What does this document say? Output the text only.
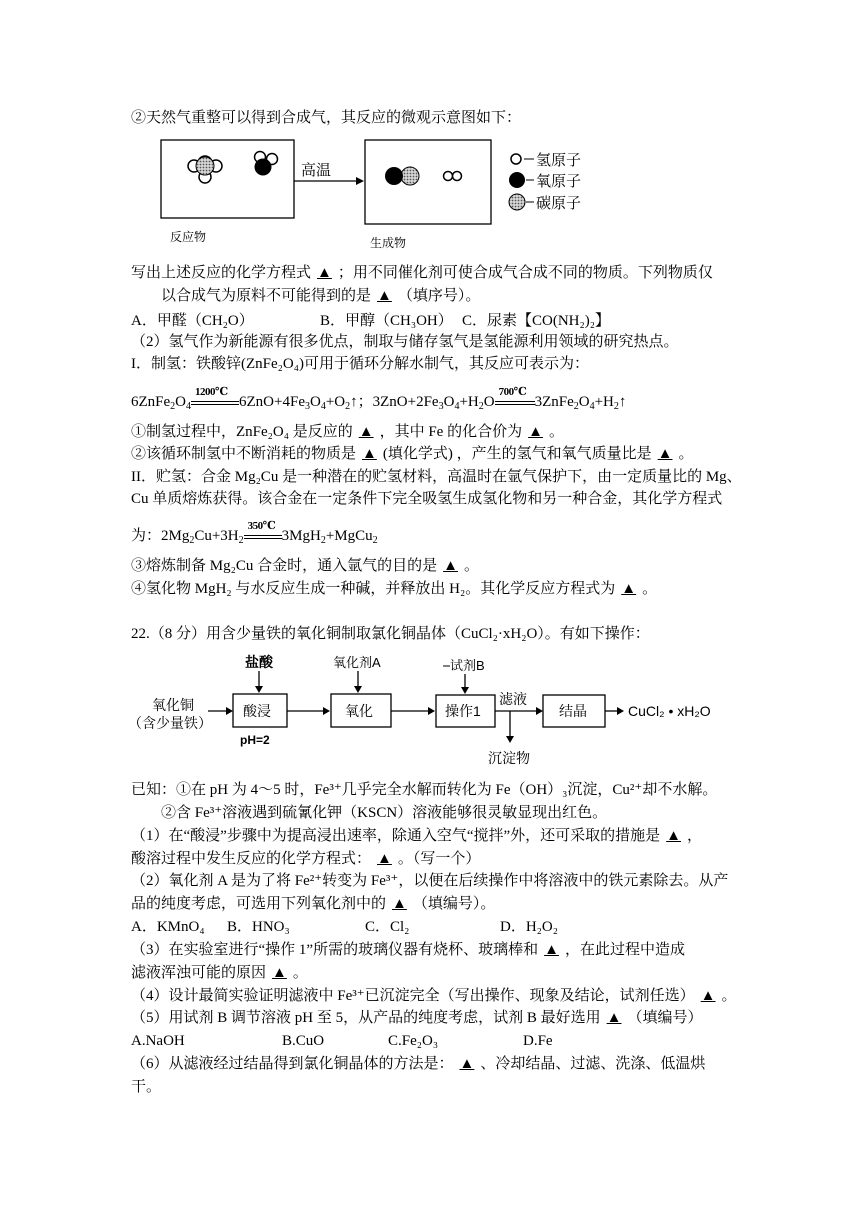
②天然气重整可以得到合成气，其反应的微观示意图如下：
高温
氢原子
氧原子
碳原子
反应物	生成物
写出上述反应的化学方程式 ▲ ；用不同催化剂可使合成气合成不同的物质。下列物质仅
以合成气为原料不可能得到的是 ▲ （填序号）。
A．甲醛（CH₂O）	B．甲醇（CH₃OH） C．尿素【CO(NH₂)₂】
（2）氢气作为新能源有很多优点，制取与储存氢气是氢能源利用领域的研究热点。
I．制氢：铁酸锌(ZnFe₂O₄)可用于循环分解水制气，其反应可表示为：
$6ZnFe_2O_4$
1200℃
$6ZnO+4Fe_3O_4+O_2↑$；$3ZnO+2Fe_3O_4+H_2O$
700℃
$3ZnFe_2O_4+H_2↑$
①制氢过程中，ZnFe₂O₄ 是反应的 ▲ ，其中 Fe 的化合价为 ▲ 。
②该循环制氢中不断消耗的物质是 ▲ (填化学式) ，产生的氢气和氧气质量比是 ▲ 。
II．贮氢：合金 Mg₂Cu 是一种潜在的贮氢材料，高温时在氩气保护下，由一定质量比的 Mg、
Cu 单质熔炼获得。该合金在一定条件下完全吸氢生成氢化物和另一种合金，其化学方程式
为：$2Mg_2Cu+3H_2$
350℃
3MgH$_2$+MgCu$_2$
③熔炼制备 Mg₂Cu 合金时，通入氩气的目的是 ▲ 。
④氢化物 MgH₂ 与水反应生成一种碱，并释放出 H₂。其化学反应方程式为 ▲ 。
22.（8 分）用含少量铁的氧化铜制取氯化铜晶体（CuCl₂·xH₂O）。有如下操作：
氧化铜
（含少量铁）
盐酸
酸浸
pH=2
氧化剂A
氧化
试剂B
操作1
滤液
沉淀物
结晶	CuCl₂ • xH₂O
已知：①在 pH 为 4～5 时，Fe³⁺几乎完全水解而转化为 Fe（OH）₃沉淀，Cu²⁺却不水解。
②含 Fe³⁺溶液遇到硫氰化钾（KSCN）溶液能够很灵敏显现出红色。
（1）在“酸浸”步骤中为提高浸出速率，除通入空气“搅拌”外，还可采取的措施是 ▲ ，
酸溶过程中发生反应的化学方程式： ▲ 。（写一个）
（2）氧化剂 A 是为了将 Fe²⁺转变为 Fe³⁺，以便在后续操作中将溶液中的铁元素除去。从产
品的纯度考虑，可选用下列氧化剂中的 ▲ （填编号）。
A．KMnO₄ B．HNO₃	C．Cl₂	D．H₂O₂
（3）在实验室进行“操作 1”所需的玻璃仪器有烧杯、玻璃棒和 ▲ ，在此过程中造成
滤液浑浊可能的原因 ▲ 。
（4）设计最简实验证明滤液中 Fe³⁺已沉淀完全（写出操作、现象及结论，试剂任选） ▲ 。
（5）用试剂 B 调节溶液 pH 至 5，从产品的纯度考虑，试剂 B 最好选用 ▲ （填编号）
A.NaOH	B.CuO	C.Fe₂O₃	D.Fe
（6）从滤液经过结晶得到氯化铜晶体的方法是： ▲ 、冷却结晶、过滤、洗涤、低温烘
干。
